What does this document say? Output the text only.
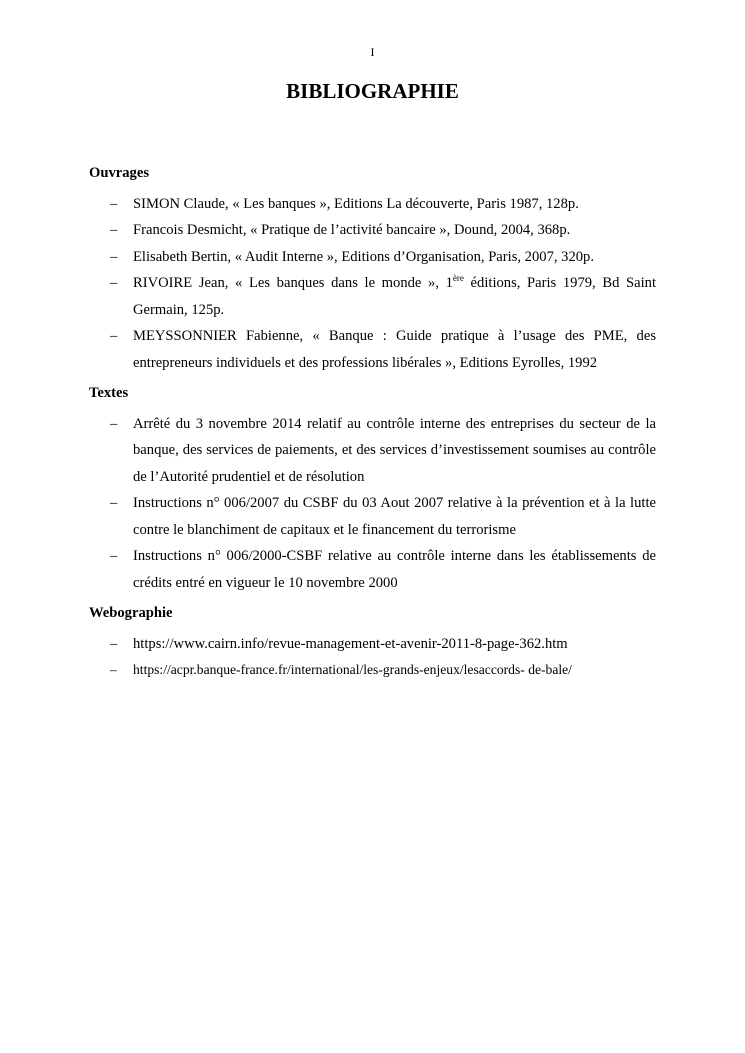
I
BIBLIOGRAPHIE

Ouvrages

– SIMON Claude, « Les banques », Editions La découverte, Paris 1987, 128p.
– Francois Desmicht, « Pratique de l’activité bancaire », Dound, 2004, 368p.
– Elisabeth Bertin, « Audit Interne », Editions d’Organisation, Paris, 2007, 320p.
– RIVOIRE Jean, « Les banques dans le monde », 1ère éditions, Paris 1979, Bd Saint Germain, 125p.
– MEYSSONNIER Fabienne, « Banque : Guide pratique à l’usage des PME, des entrepreneurs individuels et des professions libérales », Editions Eyrolles, 1992

Textes

– Arrêté du 3 novembre 2014 relatif au contrôle interne des entreprises du secteur de la banque, des services de paiements, et des services d’investissement soumises au contrôle de l’Autorité prudentiel et de résolution
– Instructions n° 006/2007 du CSBF du 03 Aout 2007 relative à la prévention et à la lutte contre le blanchiment de capitaux et le financement du terrorisme
– Instructions n° 006/2000-CSBF relative au contrôle interne dans les établissements de crédits entré en vigueur le 10 novembre 2000

Webographie

– https://www.cairn.info/revue-management-et-avenir-2011-8-page-362.htm
– https://acpr.banque-france.fr/international/les-grands-enjeux/lesaccords- de-bale/
